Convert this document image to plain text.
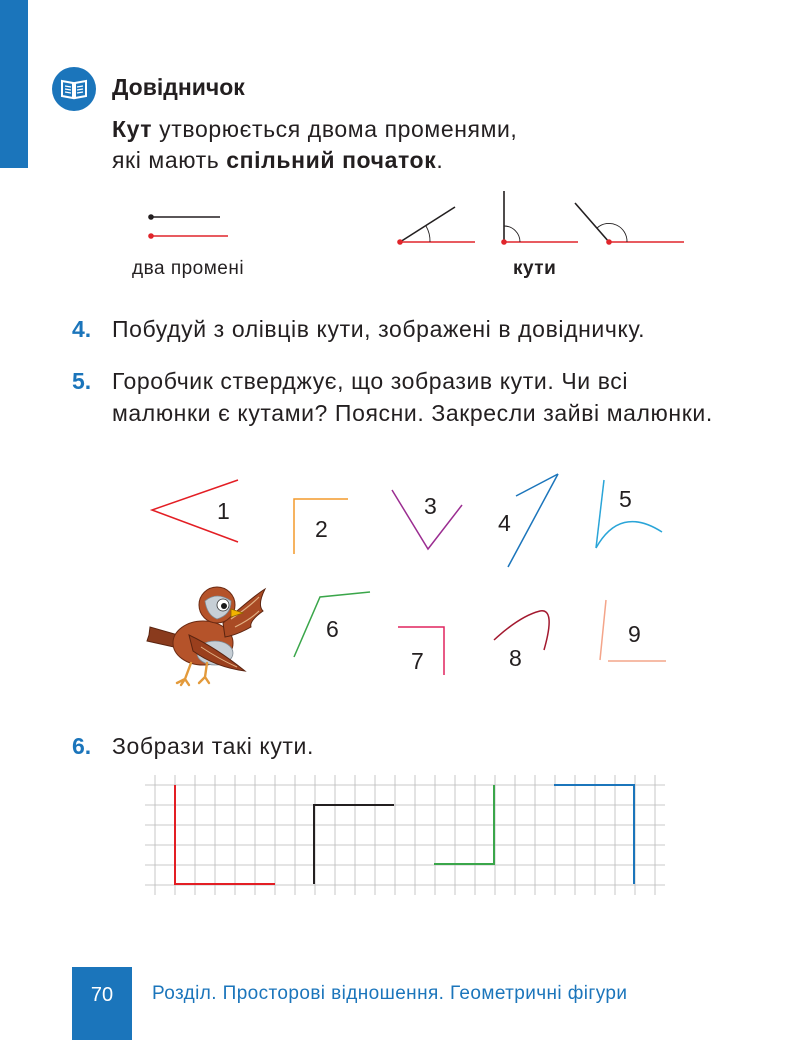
Довідничок
Кут утворюється двома променями,
які мають спільний початок.
два промені	кути
4. Побудуй з олівців кути, зображені в довідничку.
5. Горобчик стверджує, що зобразив кути. Чи всі малюнки є кутами? Поясни. Закресли зайві малюнки.
1
2
3
4
5
6
7	8
9
6. Зобрази такі кути.
70	Розділ. Просторові відношення. Геометричні фігури
